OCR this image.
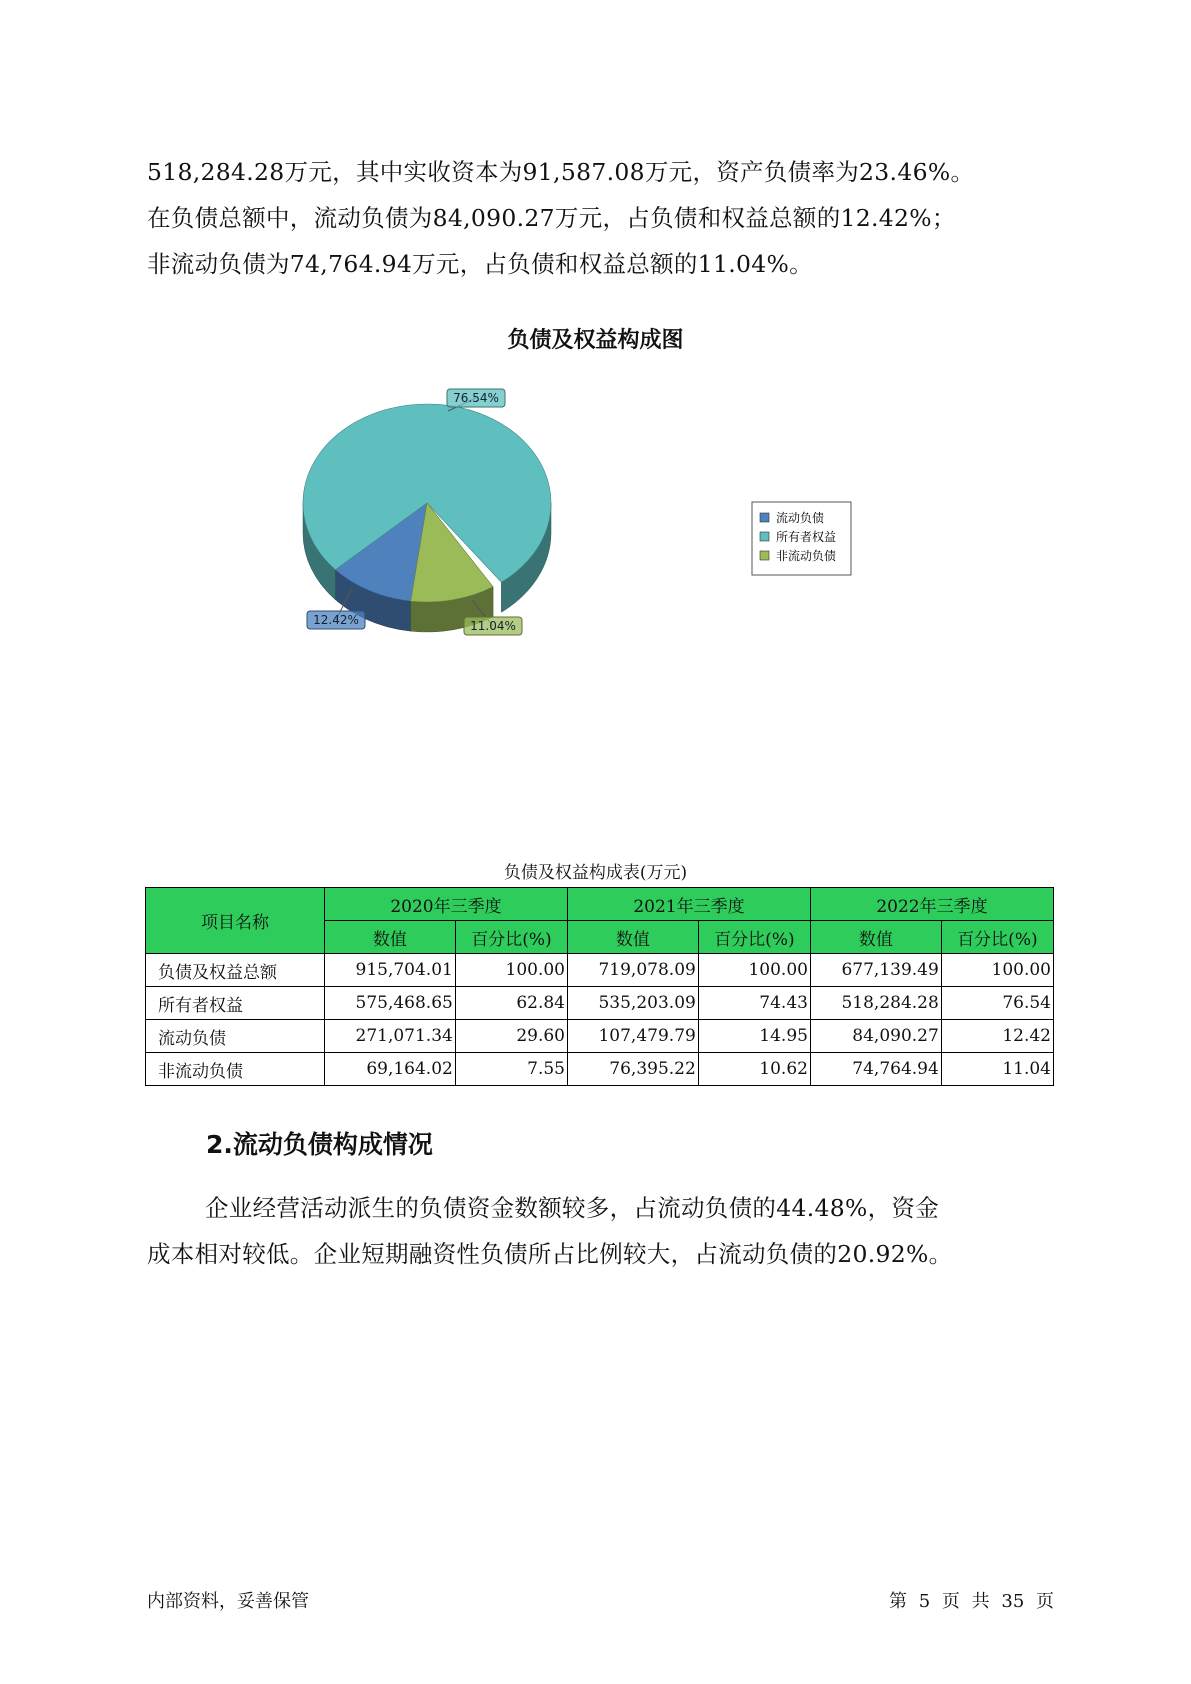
518,284.28万元，其中实收资本为91,587.08万元，资产负债率为23.46%。

在负债总额中，流动负债为84,090.27万元，占负债和权益总额的12.42%；

非流动负债为74,764.94万元，占负债和权益总额的11.04%。

负债及权益构成图
12.42%
76.54%
11.04%
流动负债
所有者权益
非流动负债
负债及权益构成表(万元)
项目名称	2020年三季度		2021年三季度		2022年三季度	
	数值	百分比(%)	数值	百分比(%)	数值	百分比(%)
负债及权益总额	915,704.01	100.00	719,078.09	100.00	677,139.49	100.00
所有者权益	575,468.65	62.84	535,203.09	74.43	518,284.28	76.54
流动负债	271,071.34	29.60	107,479.79	14.95	84,090.27	12.42
非流动负债	69,164.02	7.55	76,395.22	10.62	74,764.94	11.04
2.流动负债构成情况

企业经营活动派生的负债资金数额较多，占流动负债的44.48%，资金

成本相对较低。企业短期融资性负债所占比例较大，占流动负债的20.92%。

内部资料，妥善保管	第 5 页 共 35 页
